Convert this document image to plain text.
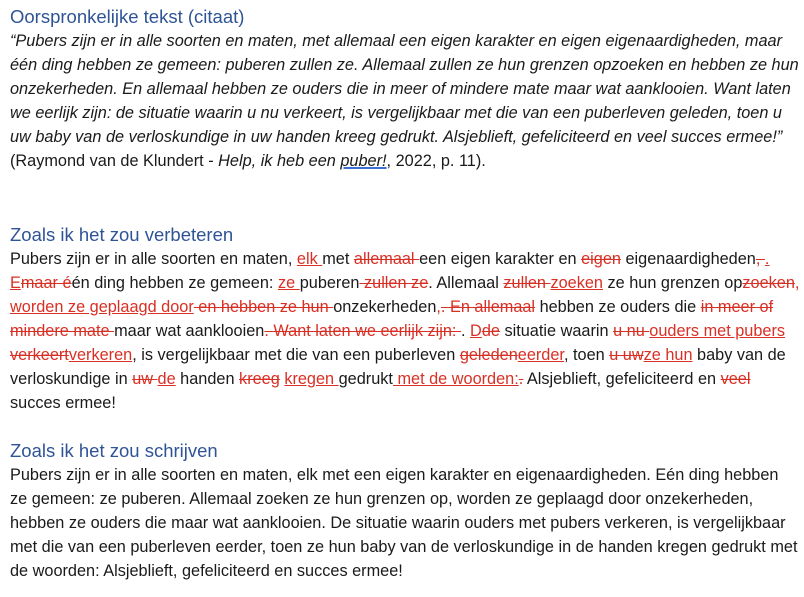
Oorspronkelijke tekst (citaat)

“Pubers zijn er in alle soorten en maten, met allemaal een eigen karakter en eigen eigenaardigheden, maar één ding hebben ze gemeen: puberen zullen ze. Allemaal zullen ze hun grenzen opzoeken en hebben ze hun onzekerheden. En allemaal hebben ze ouders die in meer of mindere mate maar wat aanklooien. Want laten we eerlijk zijn: de situatie waarin u nu verkeert, is vergelijkbaar met die van een puberleven geleden, toen u uw baby van de verloskundige in uw handen kreeg gedrukt. Alsjeblieft, gefeliciteerd en veel succes ermee!”

(Raymond van de Klundert - Help, ik heb een puber!, 2022, p. 11).

Zoals ik het zou verbeteren

Pubers zijn er in alle soorten en maten, elk met allemaal een eigen karakter en eigen eigenaardigheden, . Emaar één ding hebben ze gemeen: ze puberen zullen ze. Allemaal zullen zoeken ze hun grenzen opzoeken, worden ze geplaagd door en hebben ze hun onzekerheden,. En allemaal hebben ze ouders die in meer of mindere mate maar wat aanklooien. Want laten we eerlijk zijn: . Dde situatie waarin u nu ouders met pubers verkeertverkeren, is vergelijkbaar met die van een puberleven geledeneerder, toen u uwze hun baby van de verloskundige in uw de handen kreeg kregen gedrukt met de woorden:. Alsjeblieft, gefeliciteerd en veel succes ermee!

Zoals ik het zou schrijven

Pubers zijn er in alle soorten en maten, elk met een eigen karakter en eigenaardigheden. Eén ding hebben ze gemeen: ze puberen. Allemaal zoeken ze hun grenzen op, worden ze geplaagd door onzekerheden, hebben ze ouders die maar wat aanklooien. De situatie waarin ouders met pubers verkeren, is vergelijkbaar met die van een puberleven eerder, toen ze hun baby van de verloskundige in de handen kregen gedrukt met de woorden: Alsjeblieft, gefeliciteerd en succes ermee!
